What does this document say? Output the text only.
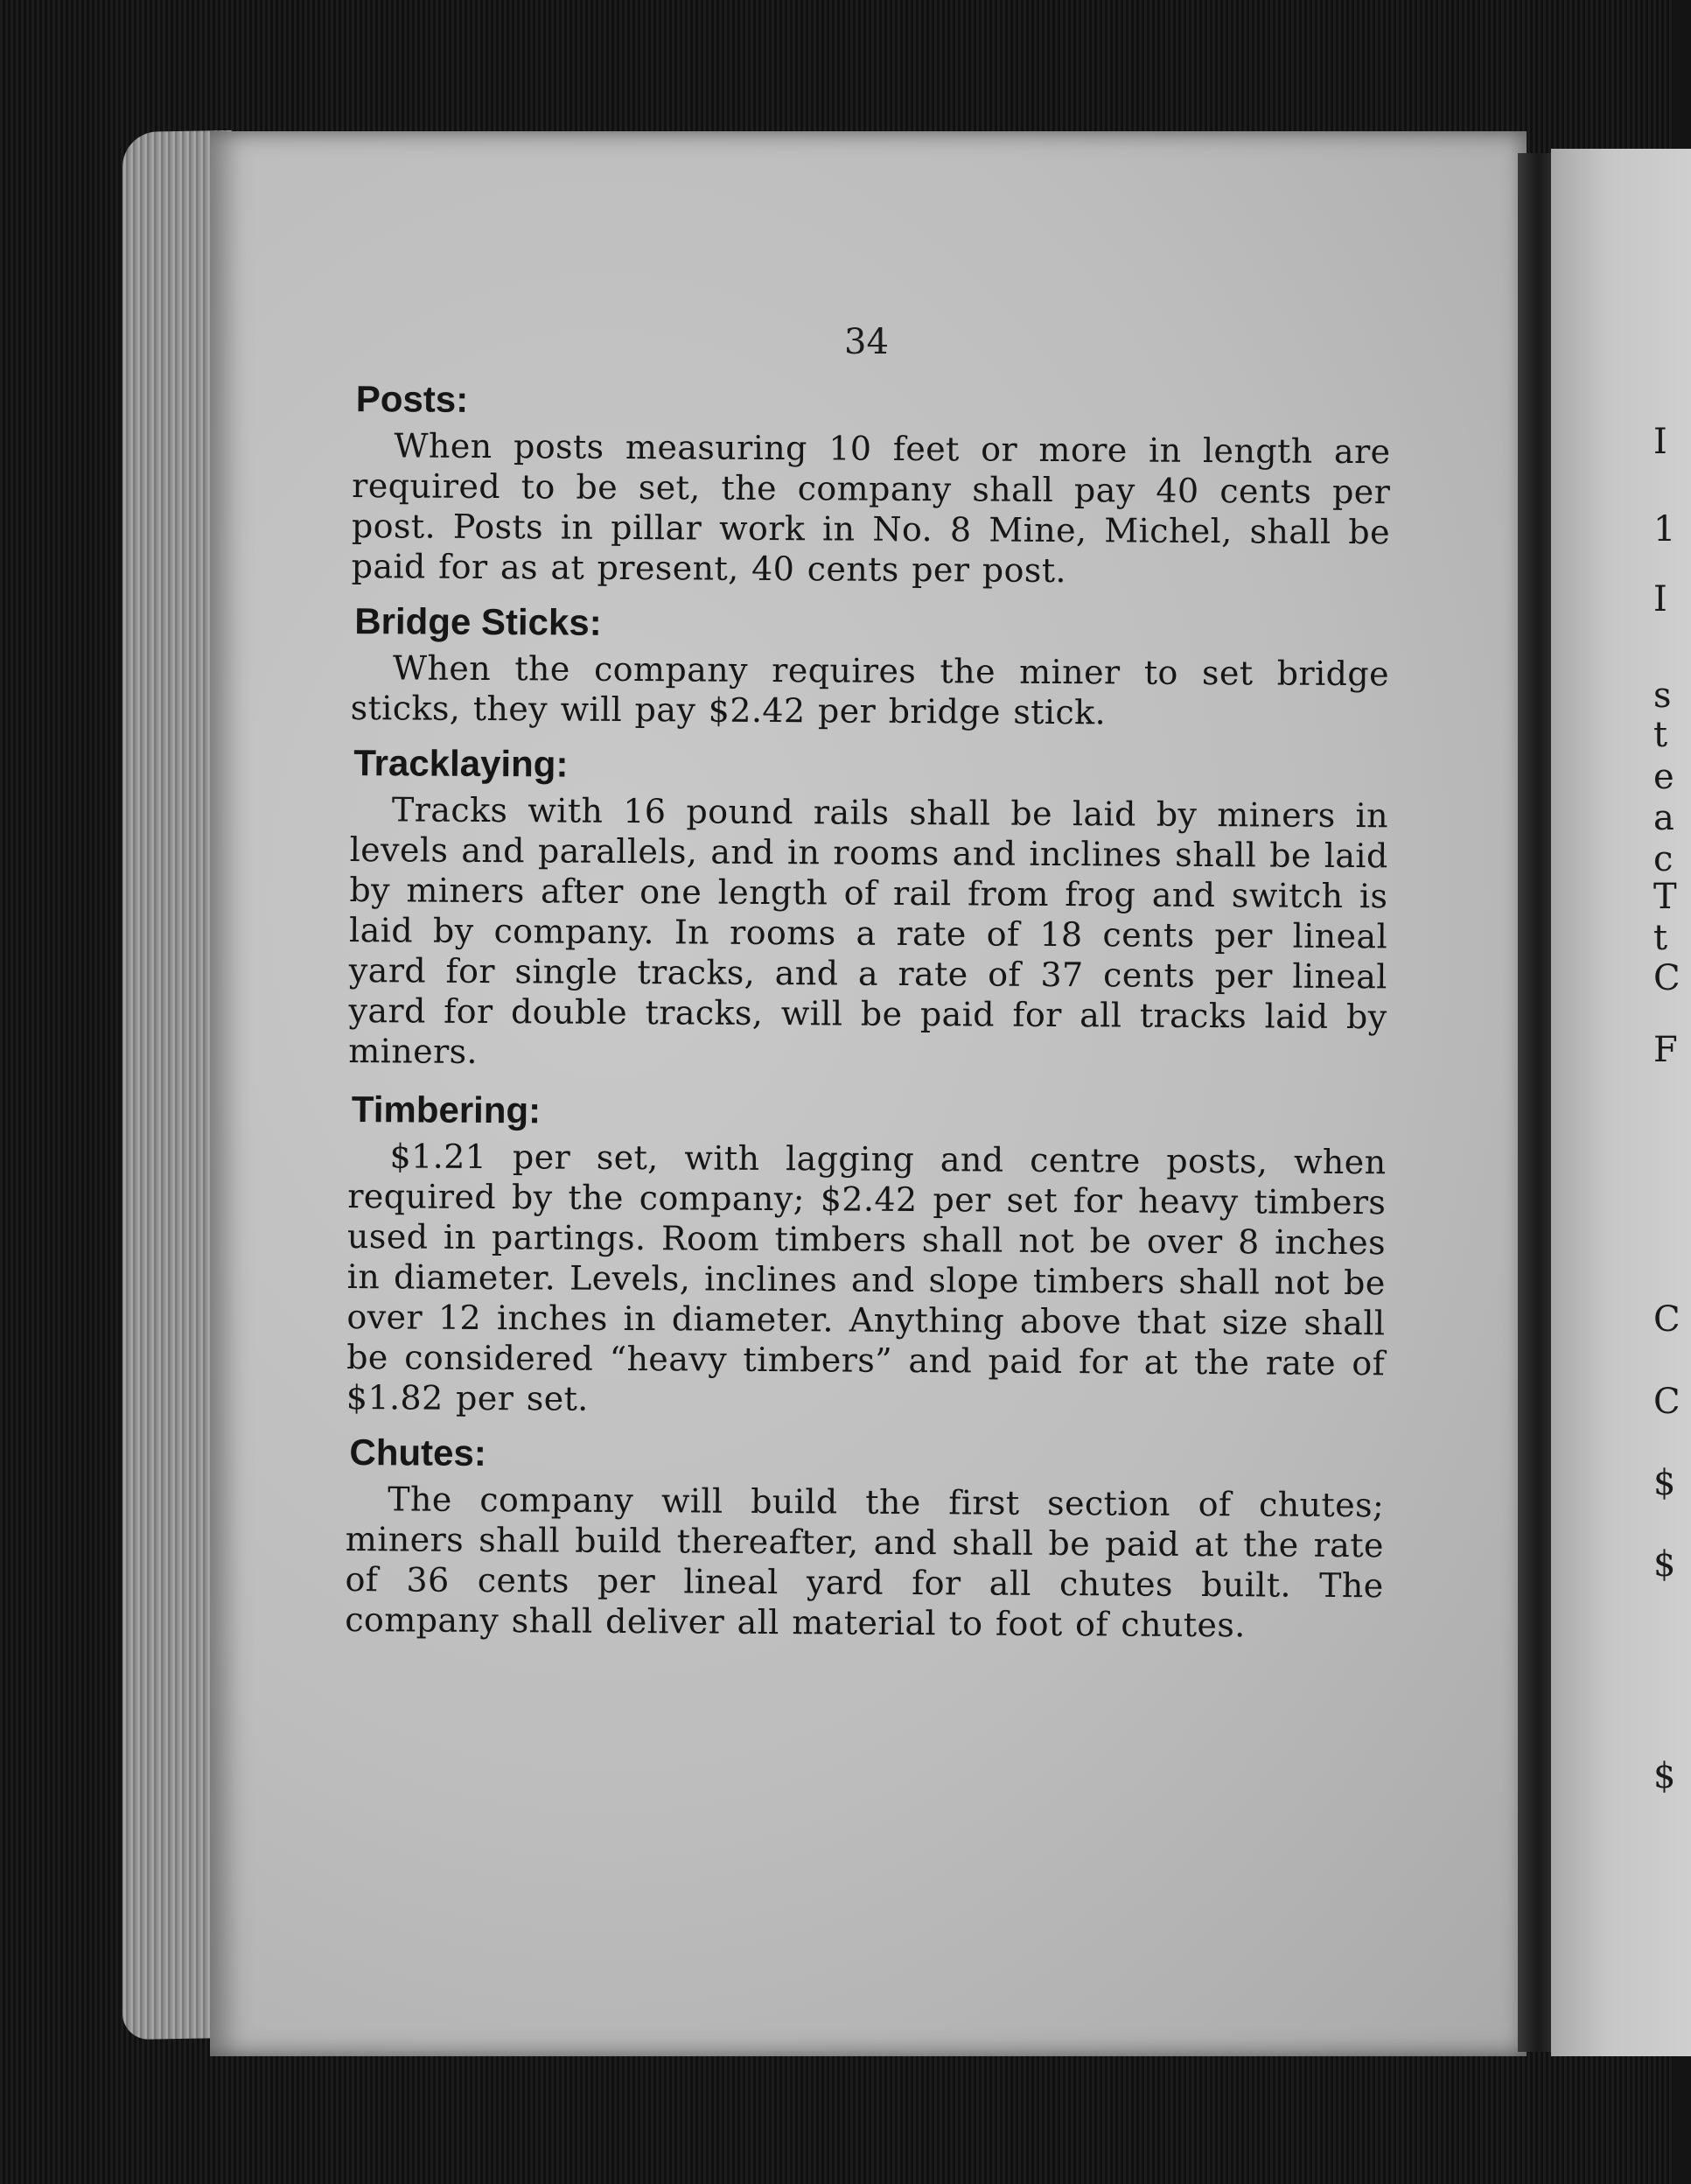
I
1
I
s
t
e
a
c
T
t
C
F
C
C
$
$
$
34
Posts:

When posts measuring 10 feet or more in length are required to be set, the company shall pay 40 cents per post. Posts in pillar work in No. 8 Mine, Michel, shall be paid for as at present, 40 cents per post.

Bridge Sticks:

When the company requires the miner to set bridge sticks, they will pay $2.42 per bridge stick.

Tracklaying:

Tracks with 16 pound rails shall be laid by miners in levels and parallels, and in rooms and inclines shall be laid by miners after one length of rail from frog and switch is laid by company. In rooms a rate of 18 cents per lineal yard for single tracks, and a rate of 37 cents per lineal yard for double tracks, will be paid for all tracks laid by miners.

Timbering:

$1.21 per set, with lagging and centre posts, when required by the company; $2.42 per set for heavy timbers used in partings. Room timbers shall not be over 8 inches in diameter. Levels, inclines and slope timbers shall not be over 12 inches in diameter. Anything above that size shall be considered “heavy timbers” and paid for at the rate of $1.82 per set.

Chutes:

The company will build the first section of chutes; miners shall build thereafter, and shall be paid at the rate of 36 cents per lineal yard for all chutes built. The company shall deliver all material to foot of chutes.
